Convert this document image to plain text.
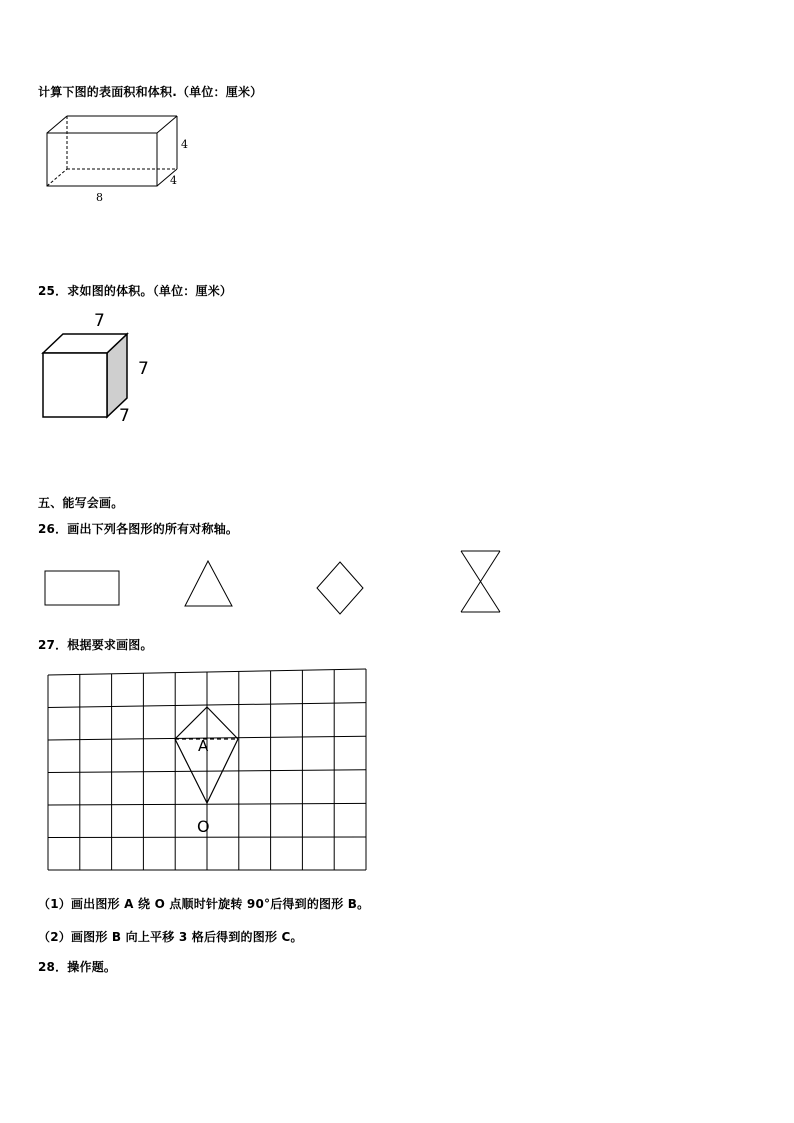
计算下图的表面积和体积.（单位：厘米）
4
4
8
25．求如图的体积。（单位：厘米）
7
7
7
五、能写会画。
26．画出下列各图形的所有对称轴。
27．根据要求画图。
A
O
（1）画出图形 A 绕 O 点顺时针旋转 90°后得到的图形 B。
（2）画图形 B 向上平移 3 格后得到的图形 C。
28．操作题。
